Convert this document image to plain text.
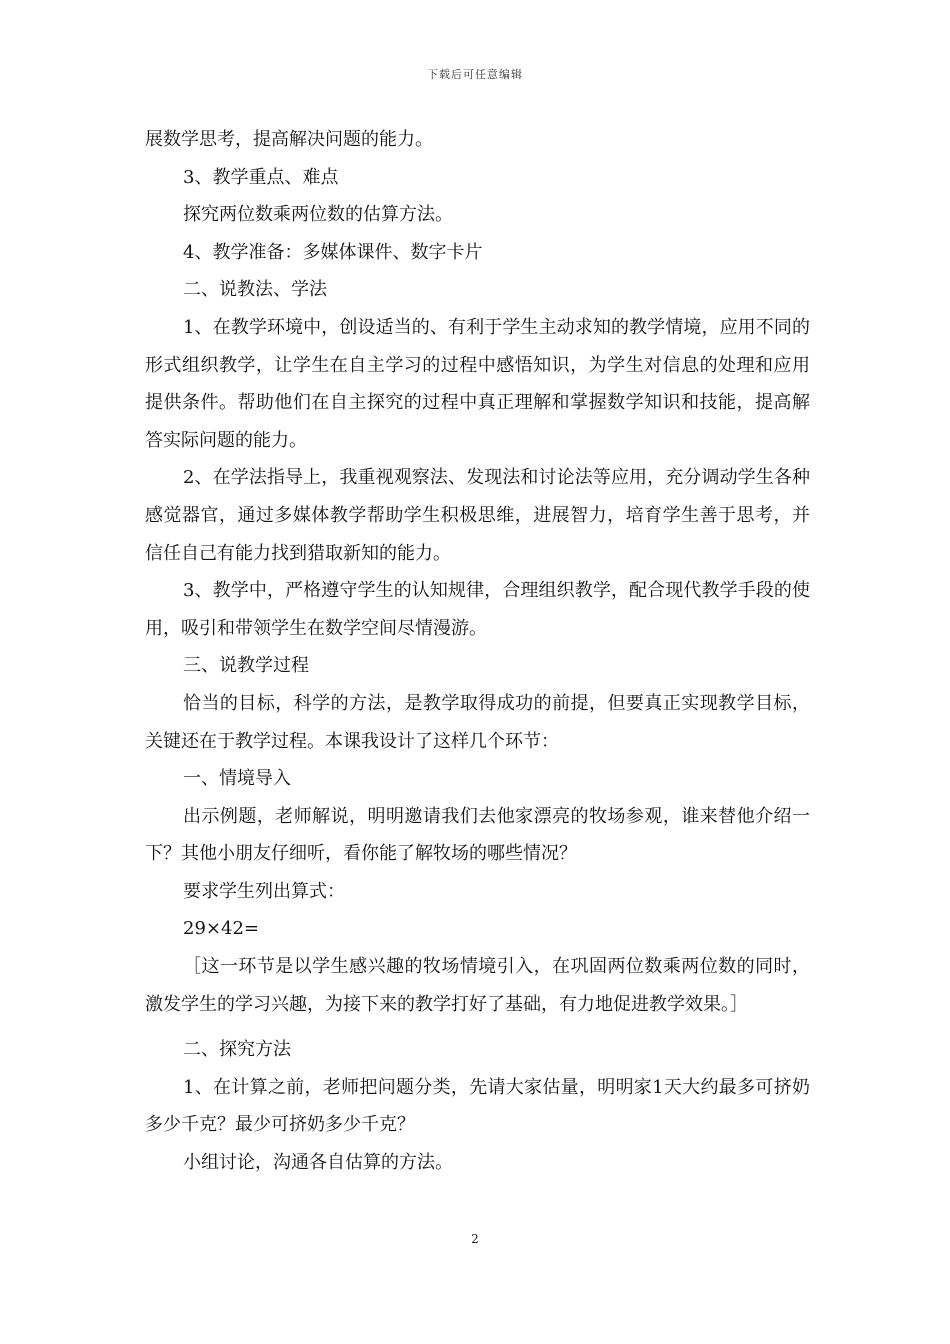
下载后可任意编辑

展数学思考，提高解决问题的能力。

3、教学重点、难点

探究两位数乘两位数的估算方法。

4、教学准备：多媒体课件、数字卡片

二、说教法、学法

1、在教学环境中，创设适当的、有利于学生主动求知的教学情境，应用不同的形式组织教学，让学生在自主学习的过程中感悟知识，为学生对信息的处理和应用提供条件。帮助他们在自主探究的过程中真正理解和掌握数学知识和技能，提高解答实际问题的能力。

2、在学法指导上，我重视观察法、发现法和讨论法等应用，充分调动学生各种感觉器官，通过多媒体教学帮助学生积极思维，进展智力，培育学生善于思考，并信任自己有能力找到猎取新知的能力。

3、教学中，严格遵守学生的认知规律，合理组织教学，配合现代教学手段的使用，吸引和带领学生在数学空间尽情漫游。

三、说教学过程

恰当的目标，科学的方法，是教学取得成功的前提，但要真正实现教学目标，关键还在于教学过程。本课我设计了这样几个环节：

一、情境导入

出示例题，老师解说，明明邀请我们去他家漂亮的牧场参观，谁来替他介绍一下？其他小朋友仔细听，看你能了解牧场的哪些情况？

要求学生列出算式：

29×42=

［这一环节是以学生感兴趣的牧场情境引入，在巩固两位数乘两位数的同时，激发学生的学习兴趣，为接下来的教学打好了基础，有力地促进教学效果。］

二、探究方法

1、在计算之前，老师把问题分类，先请大家估量，明明家1天大约最多可挤奶多少千克？最少可挤奶多少千克？

小组讨论，沟通各自估算的方法。

2
